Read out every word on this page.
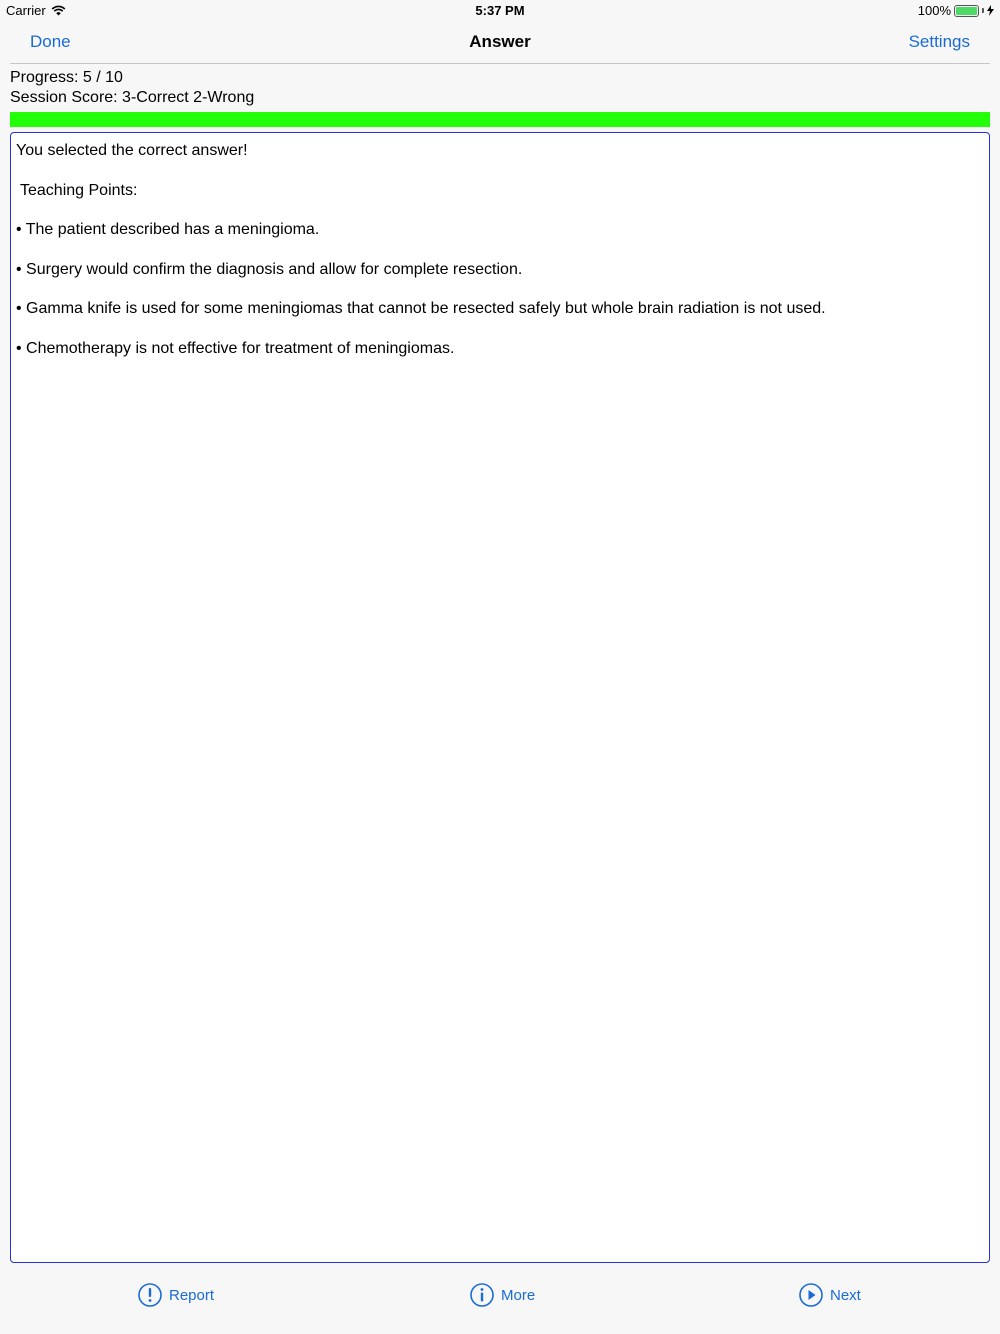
Carrier	5:37 PM	100%
Done	Answer	Settings
Progress: 5 / 10
Session Score: 3-Correct 2-Wrong

You selected the correct answer!

Teaching Points:

• The patient described has a meningioma.

• Surgery would confirm the diagnosis and allow for complete resection.

• Gamma knife is used for some meningiomas that cannot be resected safely but whole brain radiation is not used.

• Chemotherapy is not effective for treatment of meningiomas.

Report	More	Next
